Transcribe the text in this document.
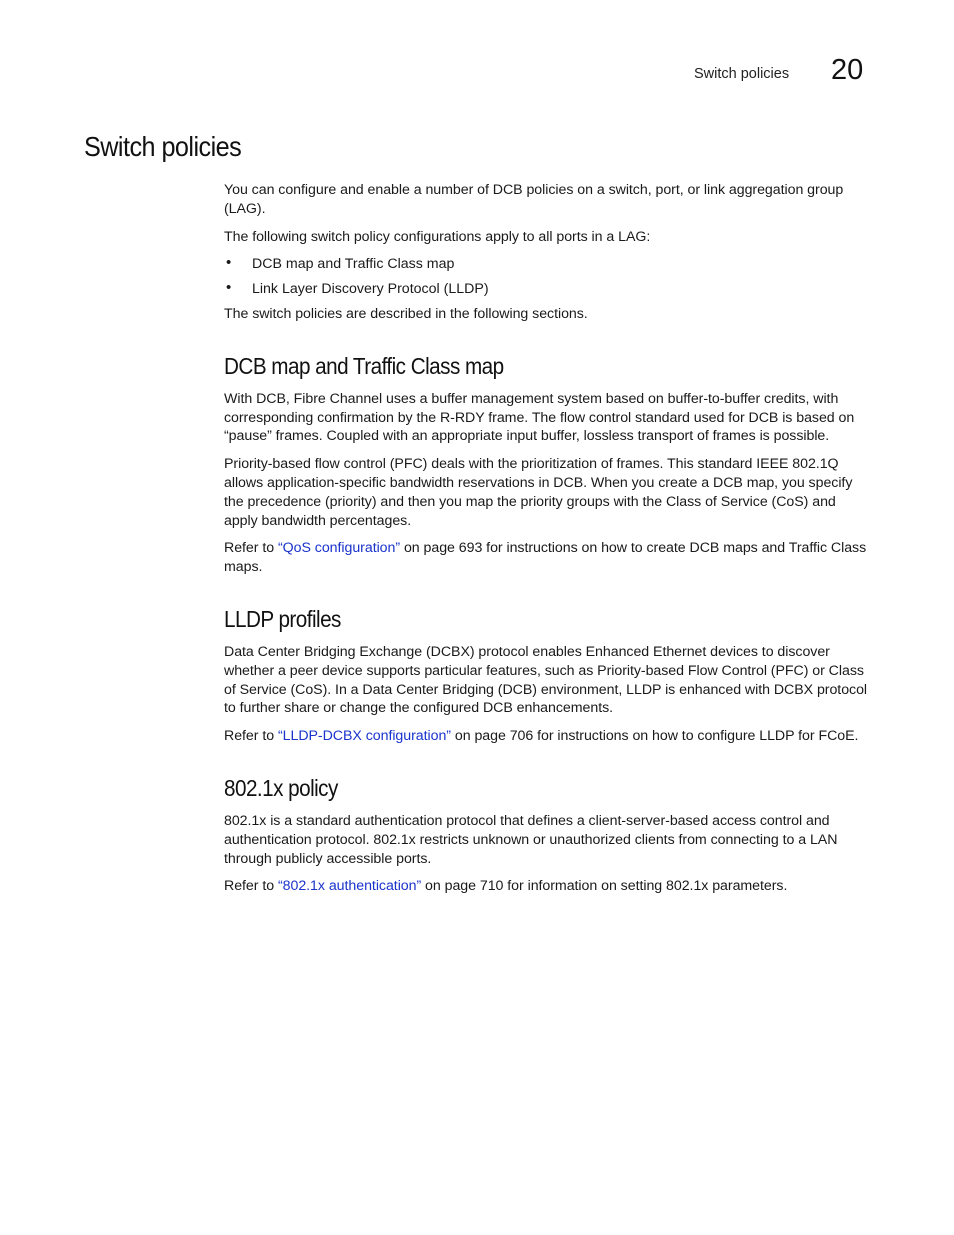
Switch policies 20
Switch policies

You can configure and enable a number of DCB policies on a switch, port, or link aggregation group (LAG).

The following switch policy configurations apply to all ports in a LAG:

• DCB map and Traffic Class map
• Link Layer Discovery Protocol (LLDP)

The switch policies are described in the following sections.

DCB map and Traffic Class map

With DCB, Fibre Channel uses a buffer management system based on buffer-to-buffer credits, with corresponding confirmation by the R-RDY frame. The flow control standard used for DCB is based on “pause” frames. Coupled with an appropriate input buffer, lossless transport of frames is possible.

Priority-based flow control (PFC) deals with the prioritization of frames. This standard IEEE 802.1Q allows application-specific bandwidth reservations in DCB. When you create a DCB map, you specify the precedence (priority) and then you map the priority groups with the Class of Service (CoS) and apply bandwidth percentages.

Refer to “QoS configuration” on page 693 for instructions on how to create DCB maps and Traffic Class maps.

LLDP profiles

Data Center Bridging Exchange (DCBX) protocol enables Enhanced Ethernet devices to discover whether a peer device supports particular features, such as Priority-based Flow Control (PFC) or Class of Service (CoS). In a Data Center Bridging (DCB) environment, LLDP is enhanced with DCBX protocol to further share or change the configured DCB enhancements.

Refer to “LLDP-DCBX configuration” on page 706 for instructions on how to configure LLDP for FCoE.

802.1x policy

802.1x is a standard authentication protocol that defines a client-server-based access control and authentication protocol. 802.1x restricts unknown or unauthorized clients from connecting to a LAN through publicly accessible ports.

Refer to “802.1x authentication” on page 710 for information on setting 802.1x parameters.
